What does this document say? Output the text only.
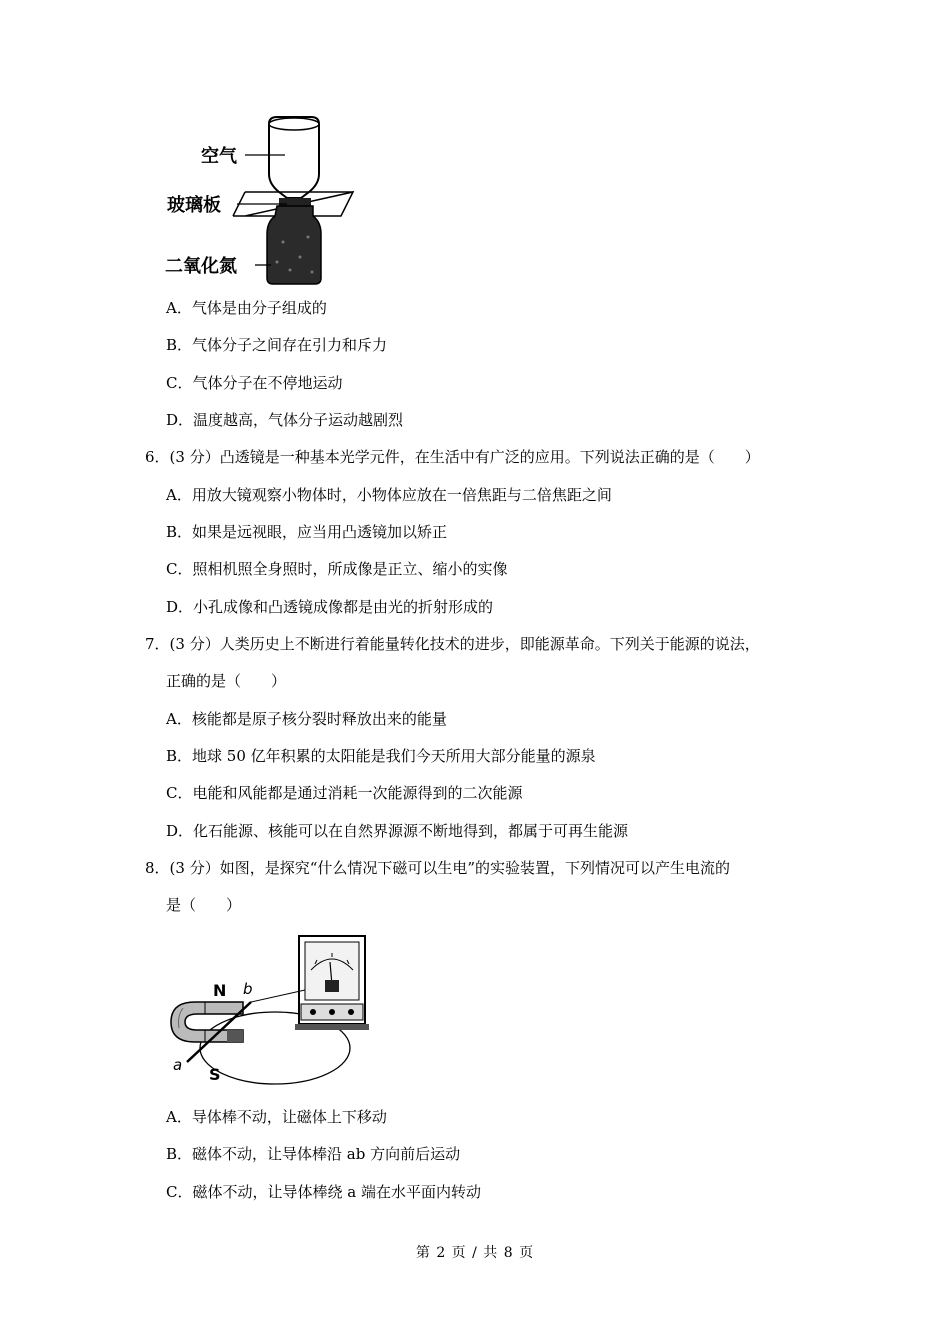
空气
玻璃板
二氧化氮
A．气体是由分子组成的
B．气体分子之间存在引力和斥力
C．气体分子在不停地运动
D．温度越高，气体分子运动越剧烈
6．(3 分）凸透镜是一种基本光学元件，在生活中有广泛的应用。下列说法正确的是（　　）
A．用放大镜观察小物体时，小物体应放在一倍焦距与二倍焦距之间
B．如果是远视眼，应当用凸透镜加以矫正
C．照相机照全身照时，所成像是正立、缩小的实像
D．小孔成像和凸透镜成像都是由光的折射形成的
7．(3 分）人类历史上不断进行着能量转化技术的进步，即能源革命。下列关于能源的说法，
正确的是（　　）
A．核能都是原子核分裂时释放出来的能量
B．地球 50 亿年积累的太阳能是我们今天所用大部分能量的源泉
C．电能和风能都是通过消耗一次能源得到的二次能源
D．化石能源、核能可以在自然界源源不断地得到，都属于可再生能源
8．(3 分）如图，是探究“什么情况下磁可以生电”的实验装置，下列情况可以产生电流的
是（　　）
N
S
a
b
A．导体棒不动，让磁体上下移动
B．磁体不动，让导体棒沿 ab 方向前后运动
C．磁体不动，让导体棒绕 a 端在水平面内转动
第 2 页 / 共 8 页
